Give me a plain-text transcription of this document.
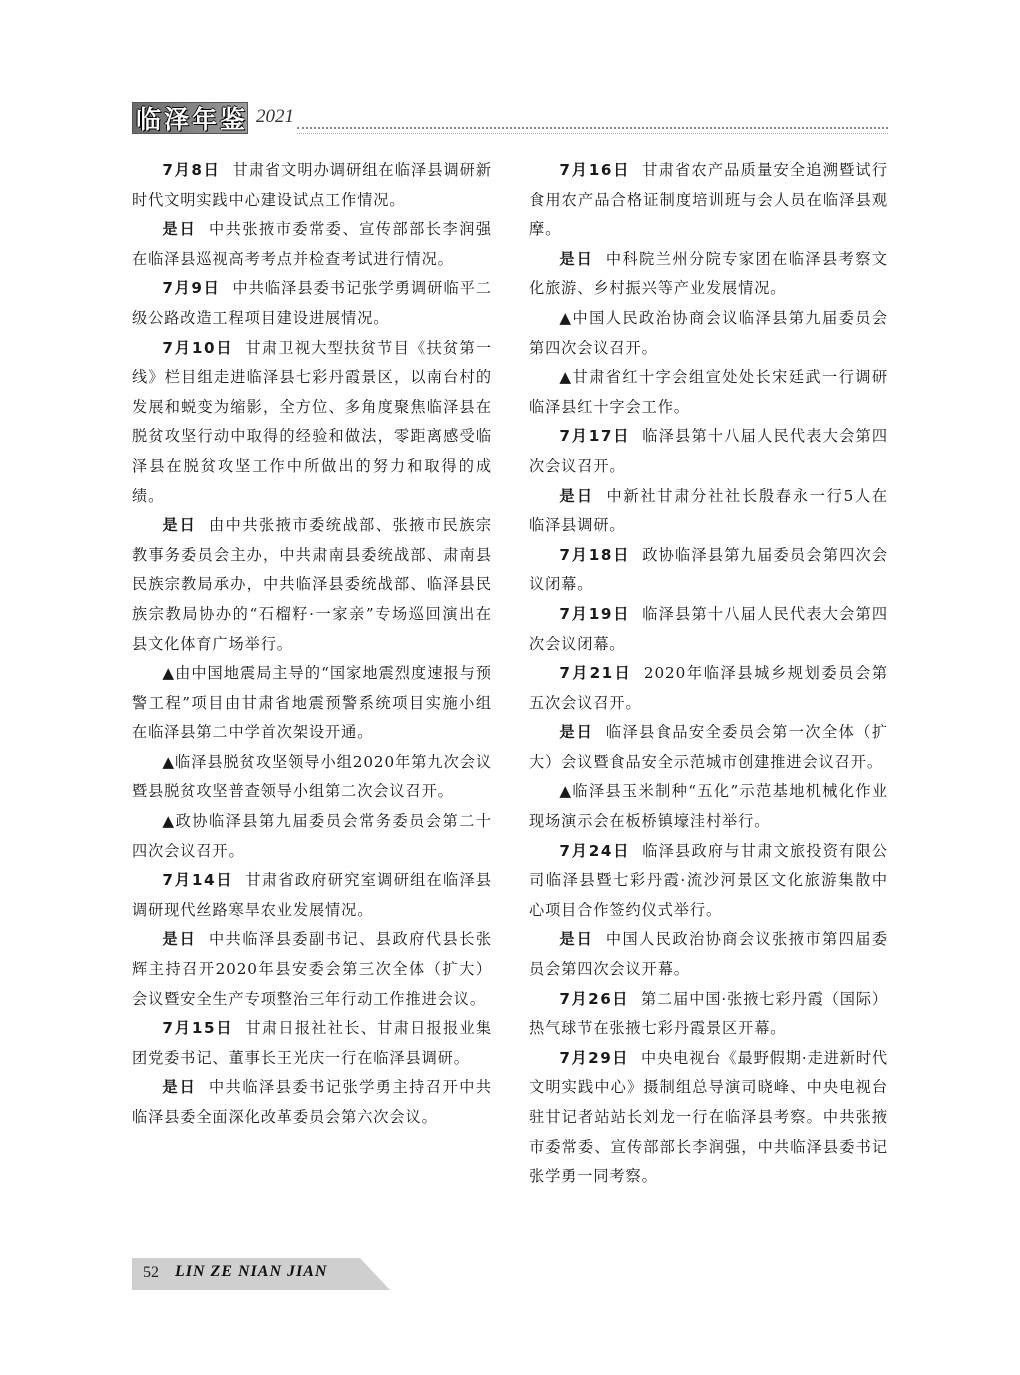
临泽年鉴 2021

7月8日 甘肃省文明办调研组在临泽县调研新时代文明实践中心建设试点工作情况。

是日 中共张掖市委常委、宣传部部长李润强在临泽县巡视高考考点并检查考试进行情况。

7月9日 中共临泽县委书记张学勇调研临平二级公路改造工程项目建设进展情况。

7月10日 甘肃卫视大型扶贫节目《扶贫第一线》栏目组走进临泽县七彩丹霞景区，以南台村的发展和蜕变为缩影，全方位、多角度聚焦临泽县在脱贫攻坚行动中取得的经验和做法，零距离感受临泽县在脱贫攻坚工作中所做出的努力和取得的成绩。

是日 由中共张掖市委统战部、张掖市民族宗教事务委员会主办，中共肃南县委统战部、肃南县民族宗教局承办，中共临泽县委统战部、临泽县民族宗教局协办的“石榴籽·一家亲”专场巡回演出在县文化体育广场举行。

▲由中国地震局主导的“国家地震烈度速报与预警工程”项目由甘肃省地震预警系统项目实施小组在临泽县第二中学首次架设开通。

▲临泽县脱贫攻坚领导小组2020年第九次会议暨县脱贫攻坚普查领导小组第二次会议召开。

▲政协临泽县第九届委员会常务委员会第二十四次会议召开。

7月14日 甘肃省政府研究室调研组在临泽县调研现代丝路寒旱农业发展情况。

是日 中共临泽县委副书记、县政府代县长张辉主持召开2020年县安委会第三次全体（扩大）会议暨安全生产专项整治三年行动工作推进会议。

7月15日 甘肃日报社社长、甘肃日报报业集团党委书记、董事长王光庆一行在临泽县调研。

是日 中共临泽县委书记张学勇主持召开中共临泽县委全面深化改革委员会第六次会议。

7月16日 甘肃省农产品质量安全追溯暨试行食用农产品合格证制度培训班与会人员在临泽县观摩。

是日 中科院兰州分院专家团在临泽县考察文化旅游、乡村振兴等产业发展情况。

▲中国人民政治协商会议临泽县第九届委员会第四次会议召开。

▲甘肃省红十字会组宣处处长宋廷武一行调研临泽县红十字会工作。

7月17日 临泽县第十八届人民代表大会第四次会议召开。

是日 中新社甘肃分社社长殷春永一行5人在临泽县调研。

7月18日 政协临泽县第九届委员会第四次会议闭幕。

7月19日 临泽县第十八届人民代表大会第四次会议闭幕。

7月21日 2020年临泽县城乡规划委员会第五次会议召开。

是日 临泽县食品安全委员会第一次全体（扩大）会议暨食品安全示范城市创建推进会议召开。

▲临泽县玉米制种“五化”示范基地机械化作业现场演示会在板桥镇壕洼村举行。

7月24日 临泽县政府与甘肃文旅投资有限公司临泽县暨七彩丹霞·流沙河景区文化旅游集散中心项目合作签约仪式举行。

是日 中国人民政治协商会议张掖市第四届委员会第四次会议开幕。

7月26日 第二届中国·张掖七彩丹霞（国际）热气球节在张掖七彩丹霞景区开幕。

7月29日 中央电视台《最野假期·走进新时代文明实践中心》摄制组总导演司晓峰、中央电视台驻甘记者站站长刘龙一行在临泽县考察。中共张掖市委常委、宣传部部长李润强，中共临泽县委书记张学勇一同考察。

52 LIN ZE NIAN JIAN
